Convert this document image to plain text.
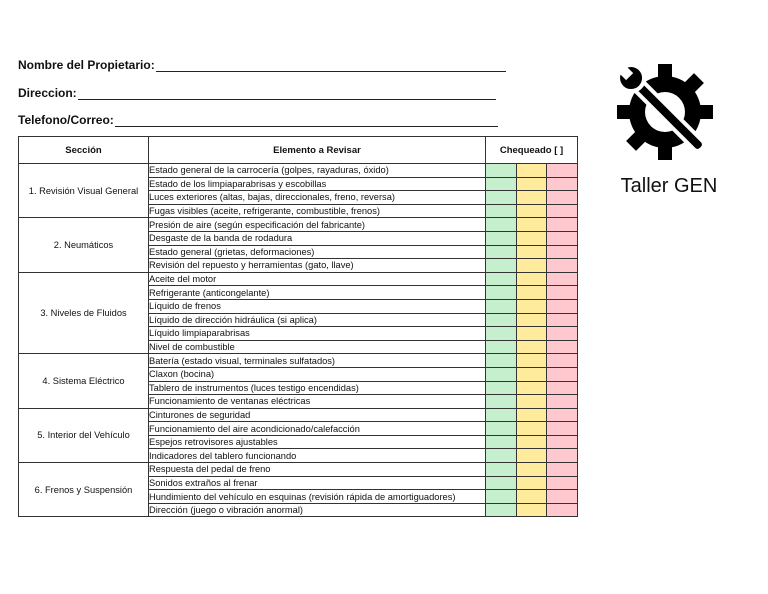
Nombre del Propietario:
Direccion:
Telefono/Correo:
Sección	Elemento a Revisar	Chequeado [ ]		
1. Revisión Visual General	Estado general de la carrocería (golpes, rayaduras, óxido)			
	Estado de los limpiaparabrisas y escobillas			
	Luces exteriores (altas, bajas, direccionales, freno, reversa)			
	Fugas visibles (aceite, refrigerante, combustible, frenos)			
2. Neumáticos	Presión de aire (según especificación del fabricante)			
	Desgaste de la banda de rodadura			
	Estado general (grietas, deformaciones)			
	Revisión del repuesto y herramientas (gato, llave)			
3. Niveles de Fluidos	Aceite del motor			
	Refrigerante (anticongelante)			
	Líquido de frenos			
	Líquido de dirección hidráulica (si aplica)			
	Líquido limpiaparabrisas			
	Nivel de combustible			
4. Sistema Eléctrico	Batería (estado visual, terminales sulfatados)			
	Claxon (bocina)			
	Tablero de instrumentos (luces testigo encendidas)			
	Funcionamiento de ventanas eléctricas			
5. Interior del Vehículo	Cinturones de seguridad			
	Funcionamiento del aire acondicionado/calefacción			
	Espejos retrovisores ajustables			
	Indicadores del tablero funcionando			
6. Frenos y Suspensión	Respuesta del pedal de freno			
	Sonidos extraños al frenar			
	Hundimiento del vehículo en esquinas (revisión rápida de amortiguadores)			
	Dirección (juego o vibración anormal)			
Taller GEN
